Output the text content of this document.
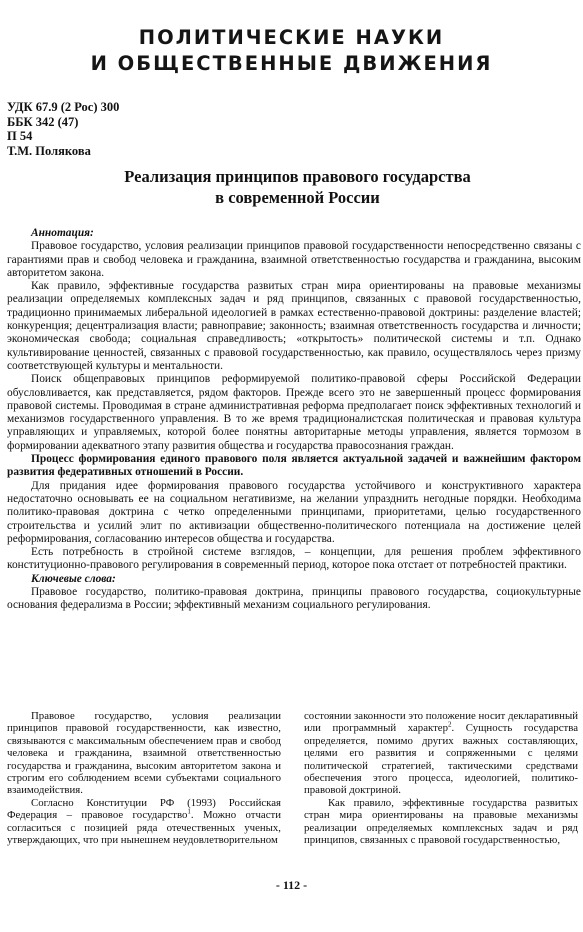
ПОЛИТИЧЕСКИЕ НАУКИ
И ОБЩЕСТВЕННЫЕ ДВИЖЕНИЯ
УДК 67.9 (2 Рос) 300
ББК 342 (47)
П 54
Т.М. Полякова
Реализация принципов правового государства
в современной России

Аннотация:

Правовое государство, условия реализации принципов правовой государственности непосредственно связаны с гарантиями прав и свобод человека и гражданина, взаимной ответственностью государства и гражданина, высоким авторитетом закона.

Как правило, эффективные государства развитых стран мира ориентированы на правовые механизмы реализации определяемых комплексных задач и ряд принципов, связанных с правовой государственностью, традиционно принимаемых либеральной идеологией в рамках естественно-правовой доктрины: разделение властей; конкуренция; децентрализация власти; равноправие; законность; взаимная ответственность государства и личности; экономическая свобода; социальная справедливость; «открытость» политической системы и т.п. Однако культивирование ценностей, связанных с правовой государственностью, как правило, осуществлялось через призму соответствующей культуры и ментальности.

Поиск общеправовых принципов реформируемой политико-правовой сферы Российской Федерации обусловливается, как представляется, рядом факторов. Прежде всего это не завершенный процесс формирования правовой системы. Проводимая в стране административная реформа предполагает поиск эффективных технологий и механизмов государственного управления. В то же время традиционалистская политическая и правовая культура управляющих и управляемых, которой более понятны авторитарные методы управления, является тормозом в формировании адекватного этапу развития общества и государства правосознания граждан.

Процесс формирования единого правового поля является актуальной задачей и важнейшим фактором развития федеративных отношений в России.

Для придания идее формирования правового государства устойчивого и конструктивного характера недостаточно основывать ее на социальном негативизме, на желании упразднить негодные порядки. Необходима политико-правовая доктрина с четко определенными принципами, приоритетами, целью государственного строительства и усилий элит по активизации общественно-политического потенциала на достижение целей реформирования, согласованию интересов общества и государства.

Есть потребность в стройной системе взглядов, – концепции, для решения проблем эффективного конституционно-правового регулирования в современный период, которое пока отстает от потребностей практики.

Ключевые слова:

Правовое государство, политико-правовая доктрина, принципы правового государства, социокультурные основания федерализма в России; эффективный механизм социального регулирования.

Правовое государство, условия реализации принципов правовой государственности, как известно, связываются с максимальным обеспечением прав и свобод человека и гражданина, взаимной ответственностью государства и гражданина, высоким авторитетом закона и строгим его соблюдением всеми субъектами социального взаимодействия.

Согласно Конституции РФ (1993) Российская Федерация – правовое государство$^1$. Можно отчасти согласиться с позицией ряда отечественных ученых, утверждающих, что при нынешнем неудовлетворительном

состоянии законности это положение носит декларативный или программный характер$^2$. Сущность государства определяется, помимо других важных составляющих, целями его развития и сопряженными с целями политической стратегией, тактическими средствами обеспечения этого процесса, идеологией, политико-правовой доктриной.

Как правило, эффективные государства развитых стран мира ориентированы на правовые механизмы реализации определяемых комплексных задач и ряд принципов, связанных с правовой государственностью,

- 112 -
